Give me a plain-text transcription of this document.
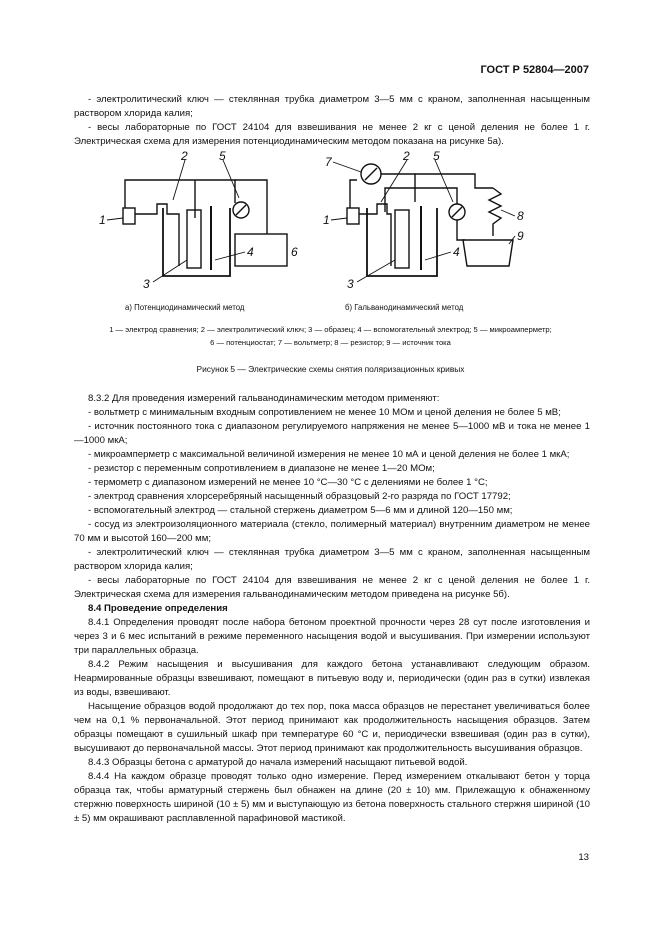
ГОСТ Р 52804—2007

- электролитический ключ — стеклянная трубка диаметром 3—5 мм с краном, заполненная насыщенным раствором хлорида калия;

- весы лабораторные по ГОСТ 24104 для взвешивания не менее 2 кг с ценой деления не более 1 г. Электрическая схема для измерения потенциодинамическим методом показана на рисунке 5а).

1
2
3
4
5
6
7	2 5
3
4
8
9
1
а) Потенциодинамический метод	б) Гальванодинамический метод
1 — электрод сравнения; 2 — электролитический ключ; 3 — образец; 4 — вспомогательный электрод; 5 — микроамперметр;
6 — потенциостат; 7 — вольтметр; 8 — резистор; 9 — источник тока
Рисунок 5 — Электрические схемы снятия поляризационных кривых

8.3.2 Для проведения измерений гальванодинамическим методом применяют:

- вольтметр с минимальным входным сопротивлением не менее 10 МОм и ценой деления не более 5 мВ;

- источник постоянного тока с диапазоном регулируемого напряжения не менее 5—1000 мВ и тока не менее 1—1000 мкА;

- микроамперметр с максимальной величиной измерения не менее 10 мА и ценой деления не более 1 мкА;

- резистор с переменным сопротивлением в диапазоне не менее 1—20 МОм;

- термометр с диапазоном измерений не менее 10 °С—30 °С с делениями не более 1 °С;

- электрод сравнения хлорсеребряный насыщенный образцовый 2-го разряда по ГОСТ 17792;

- вспомогательный электрод — стальной стержень диаметром 5—6 мм и длиной 120—150 мм;

- сосуд из электроизоляционного материала (стекло, полимерный материал) внутренним диаметром не менее 70 мм и высотой 160—200 мм;

- электролитический ключ — стеклянная трубка диаметром 3—5 мм с краном, заполненная насыщенным раствором хлорида калия;

- весы лабораторные по ГОСТ 24104 для взвешивания не менее 2 кг с ценой деления не более 1 г. Электрическая схема для измерения гальванодинамическим методом приведена на рисунке 5б).

8.4 Проведение определения

8.4.1 Определения проводят после набора бетоном проектной прочности через 28 сут после изготовления и через 3 и 6 мес испытаний в режиме переменного насыщения водой и высушивания. При измерении используют три параллельных образца.

8.4.2 Режим насыщения и высушивания для каждого бетона устанавливают следующим образом. Неармированные образцы взвешивают, помещают в питьевую воду и, периодически (один раз в сутки) извлекая из воды, взвешивают.

Насыщение образцов водой продолжают до тех пор, пока масса образцов не перестанет увеличиваться более чем на 0,1 % первоначальной. Этот период принимают как продолжительность насыщения образцов. Затем образцы помещают в сушильный шкаф при температуре 60 °С и, периодически взвешивая (один раз в сутки), высушивают до первоначальной массы. Этот период принимают как продолжительность высушивания образцов.

8.4.3 Образцы бетона с арматурой до начала измерений насыщают питьевой водой.

8.4.4 На каждом образце проводят только одно измерение. Перед измерением откалывают бетон у торца образца так, чтобы арматурный стержень был обнажен на длине (20 ± 10) мм. Прилежащую к обнаженному стержню поверхность шириной (10 ± 5) мм и выступающую из бетона поверхность стального стержня шириной (10 ± 5) мм окрашивают расплавленной парафиновой мастикой.

13
